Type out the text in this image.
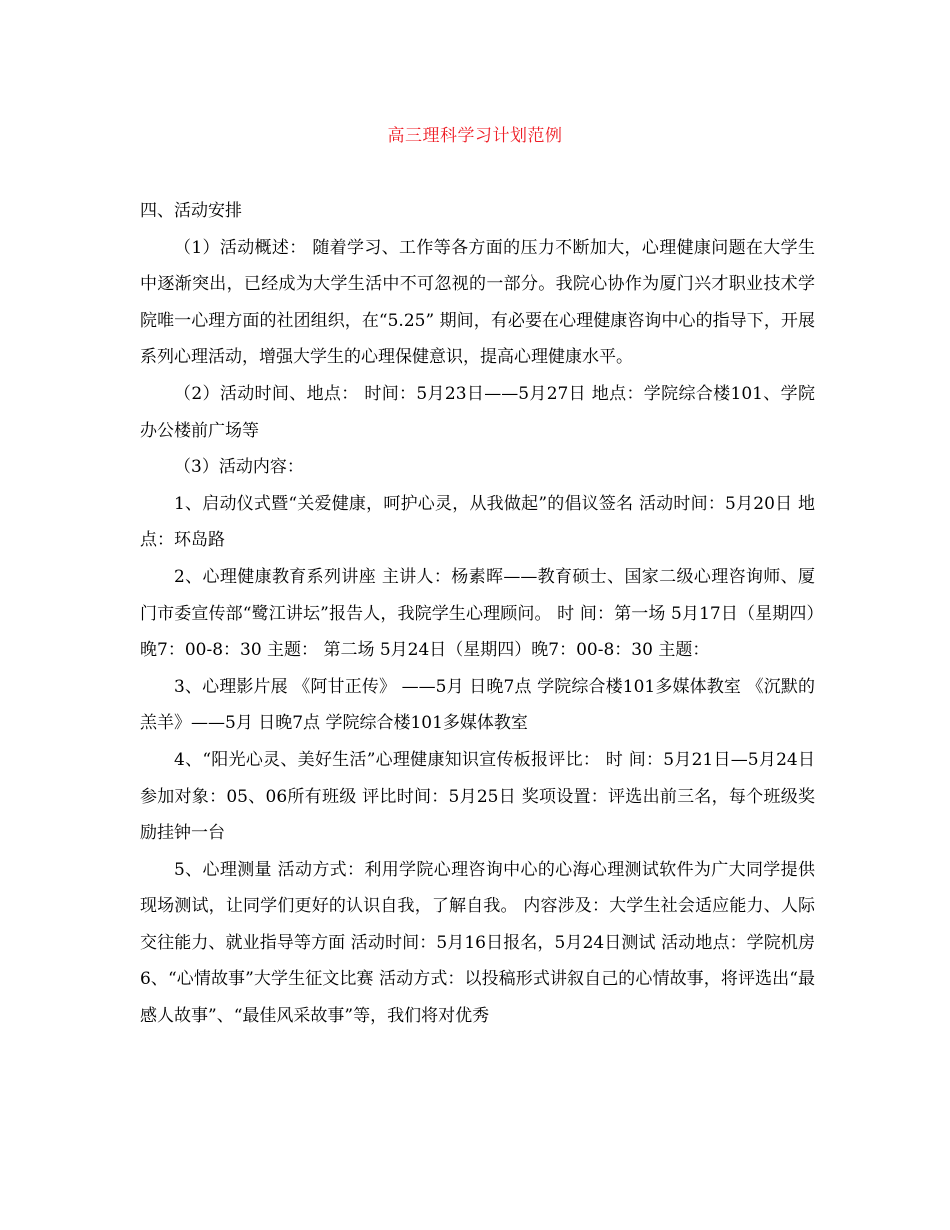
高三理科学习计划范例

四、活动安排

（1）活动概述： 随着学习、工作等各方面的压力不断加大，心理健康问题在大学生中逐渐突出，已经成为大学生活中不可忽视的一部分。我院心协作为厦门兴才职业技术学院唯一心理方面的社团组织，在“5.25” 期间，有必要在心理健康咨询中心的指导下，开展系列心理活动，增强大学生的心理保健意识，提高心理健康水平。

（2）活动时间、地点： 时间：5月23日——5月27日 地点：学院综合楼101、学院办公楼前广场等

（3）活动内容：

1、启动仪式暨“关爱健康，呵护心灵，从我做起”的倡议签名 活动时间：5月20日 地点：环岛路

2、心理健康教育系列讲座 主讲人：杨素晖——教育硕士、国家二级心理咨询师、厦门市委宣传部“鹭江讲坛”报告人，我院学生心理顾问。 时 间：第一场 5月17日（星期四）晚7：00-8：30 主题： 第二场 5月24日（星期四）晚7：00-8：30 主题：

3、心理影片展 《阿甘正传》 ——5月 日晚7点 学院综合楼101多媒体教室 《沉默的羔羊》——5月 日晚7点 学院综合楼101多媒体教室

4、“阳光心灵、美好生活”心理健康知识宣传板报评比： 时 间：5月21日—5月24日 参加对象：05、06所有班级 评比时间：5月25日 奖项设置：评选出前三名，每个班级奖励挂钟一台

5、心理测量 活动方式：利用学院心理咨询中心的心海心理测试软件为广大同学提供现场测试，让同学们更好的认识自我，了解自我。 内容涉及：大学生社会适应能力、人际交往能力、就业指导等方面 活动时间：5月16日报名，5月24日测试 活动地点：学院机房 6、“心情故事”大学生征文比赛 活动方式：以投稿形式讲叙自己的心情故事，将评选出“最感人故事”、“最佳风采故事”等，我们将对优秀
